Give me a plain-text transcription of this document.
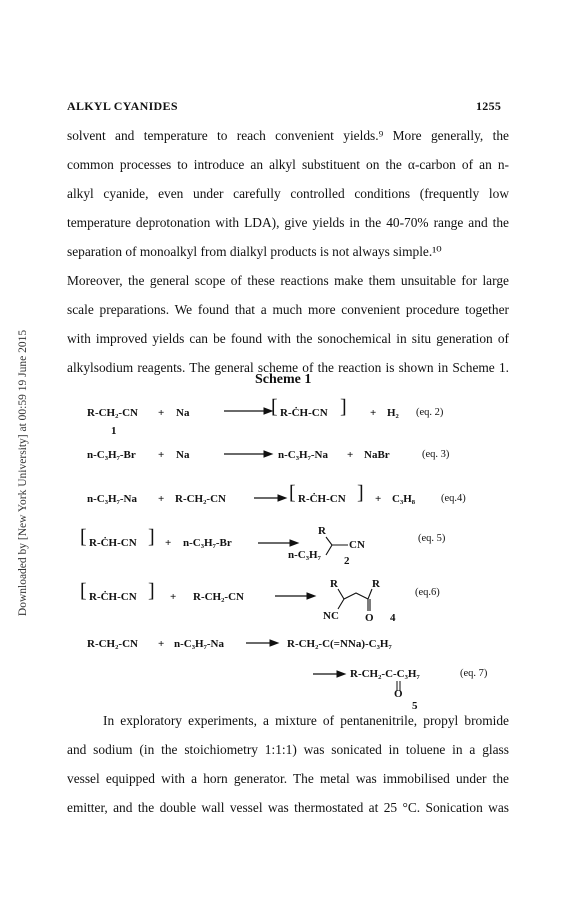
Downloaded by [New York University] at 00:59 19 June 2015
ALKYL CYANIDES	1255
solvent and temperature to reach convenient yields.⁹ More generally, the
common processes to introduce an alkyl substituent on the α-carbon of an n-
alkyl cyanide, even under carefully controlled conditions (frequently low
temperature deprotonation with LDA), give yields in the 40-70% range and the
separation of monoalkyl from dialkyl products is not always simple.¹⁰
Moreover, the general scope of these reactions make them unsuitable for large
scale preparations. We found that a much more convenient procedure together
with improved yields can be found with the sonochemical in situ generation of
alkylsodium reagents. The general scheme of the reaction is shown in Scheme 1.
Scheme 1
R-CH₂-CN + Na	[ R-ĊH-CN ] + H₂ (eq. 2)
1
n-C₃H₇-Br + Na → n-C₃H₇-Na + NaBr	(eq. 3)
n-C₃H₇-Na + R-CH₂-CN → [ R-ĊH-CN ] + C₃H₈ (eq.4)
[ R-ĊH-CN ] + n-C₃H₇-Br
R
CN
n-C₃H₇ 2
(eq. 5)
[ R-ĊH-CN ] + R-CH₂-CN
R	R
NC O 4
(eq.6)
R-CH₂-CN + n-C₃H₇-Na → R-CH₂-C(=NNa)-C₃H₇
→ R-CH₂-C-C₃H₇
O
5
(eq. 7)
In exploratory experiments, a mixture of pentanenitrile, propyl bromide
and sodium (in the stoichiometry 1:1:1) was sonicated in toluene in a glass
vessel equipped with a horn generator. The metal was immobilised under the
emitter, and the double wall vessel was thermostated at 25 °C. Sonication was
